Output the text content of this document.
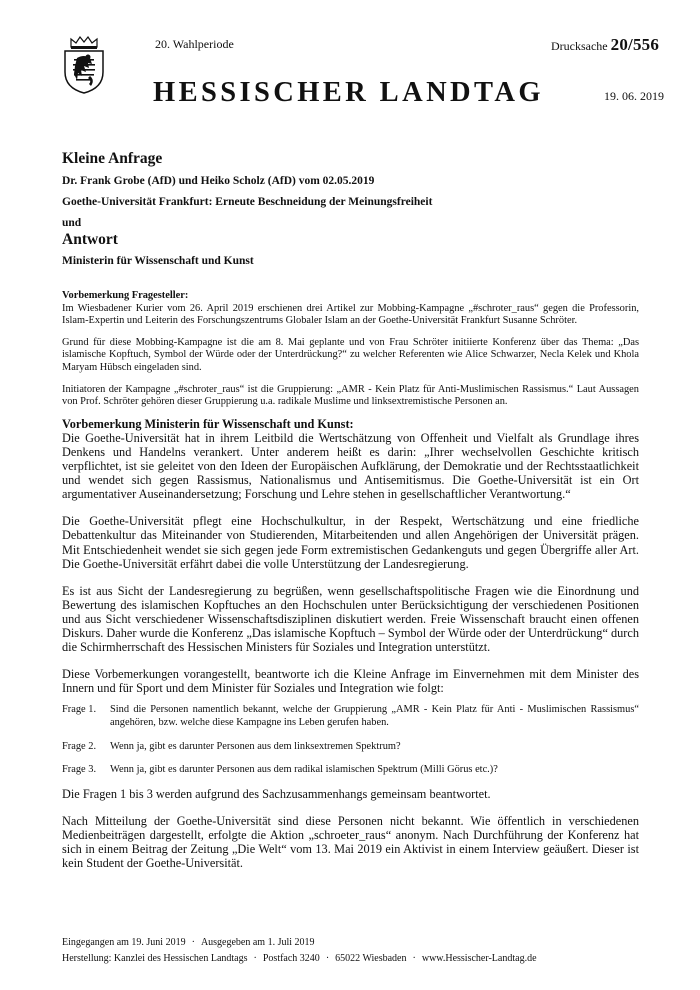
20. Wahlperiode	Drucksache 20/556
HESSISCHER LANDTAG	19. 06. 2019
Kleine Anfrage
Dr. Frank Grobe (AfD) und Heiko Scholz (AfD) vom 02.05.2019
Goethe-Universität Frankfurt: Erneute Beschneidung der Meinungsfreiheit
und
Antwort
Ministerin für Wissenschaft und Kunst

Vorbemerkung Fragesteller:

Im Wiesbadener Kurier vom 26. April 2019 erschienen drei Artikel zur Mobbing-Kampagne „#schroter_raus“ gegen die Professorin, Islam-Expertin und Leiterin des Forschungszentrums Globaler Islam an der Goethe-Universität Frankfurt Susanne Schröter.

Grund für diese Mobbing-Kampagne ist die am 8. Mai geplante und von Frau Schröter initiierte Konferenz über das Thema: „Das islamische Kopftuch, Symbol der Würde oder der Unterdrückung?“ zu welcher Referenten wie Alice Schwarzer, Necla Kelek und Khola Maryam Hübsch eingeladen sind.

Initiatoren der Kampagne „#schroter_raus“ ist die Gruppierung: „AMR - Kein Platz für Anti-Muslimischen Rassismus.“ Laut Aussagen von Prof. Schröter gehören dieser Gruppierung u.a. radikale Muslime und linksextremistische Personen an.

Vorbemerkung Ministerin für Wissenschaft und Kunst:

Die Goethe-Universität hat in ihrem Leitbild die Wertschätzung von Offenheit und Vielfalt als Grundlage ihres Denkens und Handelns verankert. Unter anderem heißt es darin: „Ihrer wechselvollen Geschichte kritisch verpflichtet, ist sie geleitet von den Ideen der Europäischen Aufklärung, der Demokratie und der Rechtsstaatlichkeit und wendet sich gegen Rassismus, Nationalismus und Antisemitismus. Die Goethe-Universität ist ein Ort argumentativer Auseinandersetzung; Forschung und Lehre stehen in gesellschaftlicher Verantwortung.“

Die Goethe-Universität pflegt eine Hochschulkultur, in der Respekt, Wertschätzung und eine friedliche Debattenkultur das Miteinander von Studierenden, Mitarbeitenden und allen Angehörigen der Universität prägen. Mit Entschiedenheit wendet sie sich gegen jede Form extremistischen Gedankenguts und gegen Übergriffe aller Art. Die Goethe-Universität erfährt dabei die volle Unterstützung der Landesregierung.

Es ist aus Sicht der Landesregierung zu begrüßen, wenn gesellschaftspolitische Fragen wie die Einordnung und Bewertung des islamischen Kopftuches an den Hochschulen unter Berücksichtigung der verschiedenen Positionen und aus Sicht verschiedener Wissenschaftsdisziplinen diskutiert werden. Freie Wissenschaft braucht einen offenen Diskurs. Daher wurde die Konferenz „Das islamische Kopftuch – Symbol der Würde oder der Unterdrückung“ durch die Schirmherrschaft des Hessischen Ministers für Soziales und Integration unterstützt.

Diese Vorbemerkungen vorangestellt, beantworte ich die Kleine Anfrage im Einvernehmen mit dem Minister des Innern und für Sport und dem Minister für Soziales und Integration wie folgt:

Frage 1.	Sind die Personen namentlich bekannt, welche der Gruppierung „AMR - Kein Platz für Anti - Muslimischen Rassismus“ angehören, bzw. welche diese Kampagne ins Leben gerufen haben.
Frage 2.	Wenn ja, gibt es darunter Personen aus dem linksextremen Spektrum?
Frage 3.	Wenn ja, gibt es darunter Personen aus dem radikal islamischen Spektrum (Milli Görus etc.)?

Die Fragen 1 bis 3 werden aufgrund des Sachzusammenhangs gemeinsam beantwortet.

Nach Mitteilung der Goethe-Universität sind diese Personen nicht bekannt. Wie öffentlich in verschiedenen Medienbeiträgen dargestellt, erfolgte die Aktion „schroeter_raus“ anonym. Nach Durchführung der Konferenz hat sich in einem Beitrag der Zeitung „Die Welt“ vom 13. Mai 2019 ein Aktivist in einem Interview geäußert. Dieser ist kein Student der Goethe-Universität.

Eingegangen am 19. Juni 2019 · Ausgegeben am 1. Juli 2019
Herstellung: Kanzlei des Hessischen Landtags · Postfach 3240 · 65022 Wiesbaden · www.Hessischer-Landtag.de
